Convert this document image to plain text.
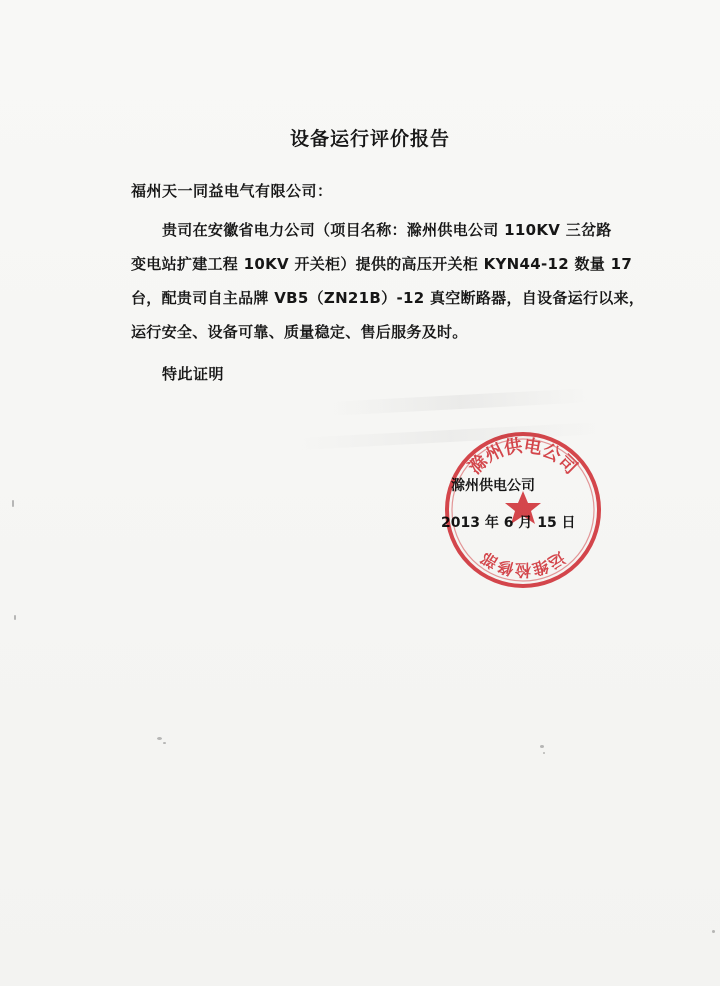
设备运行评价报告
福州天一同益电气有限公司：
贵司在安徽省电力公司（项目名称：滁州供电公司 110KV 三岔路
变电站扩建工程 10KV 开关柜）提供的高压开关柜 KYN44-12 数量 17
台，配贵司自主品牌 VB5（ZN21B）-12 真空断路器，自设备运行以来，
运行安全、设备可靠、质量稳定、售后服务及时。
特此证明
滁州供电公司
2013 年 6 月 15 日
滁州供电公司
运维检修部
